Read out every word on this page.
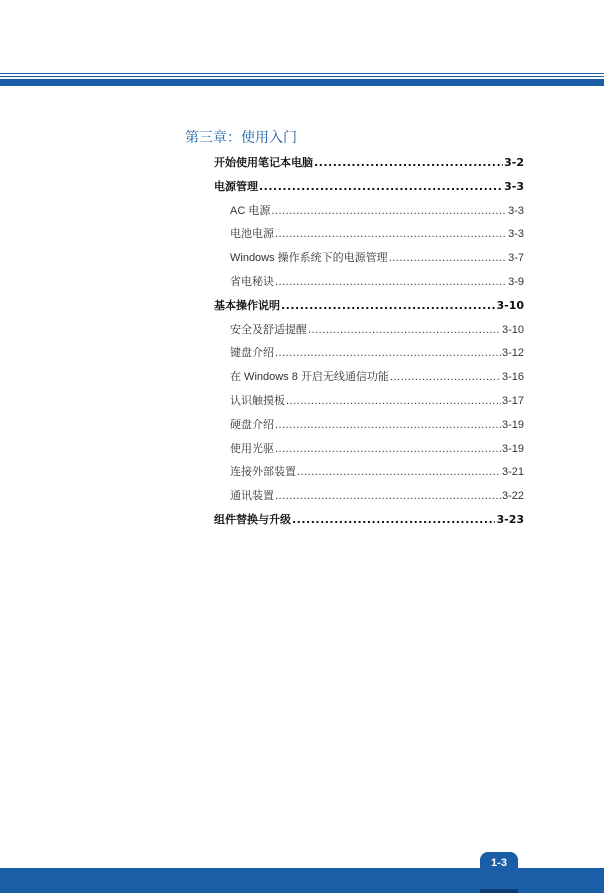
第三章：使用入门
开始使用笔记本电脑 .....	3-2
电源管理 .....	3-3
AC 电源 .....	3-3
电池电源 .....	3-3
Windows 操作系统下的电源管理 .....	3-7
省电秘诀 .....	3-9
基本操作说明 .....	3-10
安全及舒适提醒 .....	3-10
键盘介绍 .....	3-12
在 Windows 8 开启无线通信功能 .....	3-16
认识触摸板 .....	3-17
硬盘介绍 .....	3-19
使用光驱 .....	3-19
连接外部装置 .....	3-21
通讯装置 .....	3-22
组件替换与升级 .....	3-23
1-3
